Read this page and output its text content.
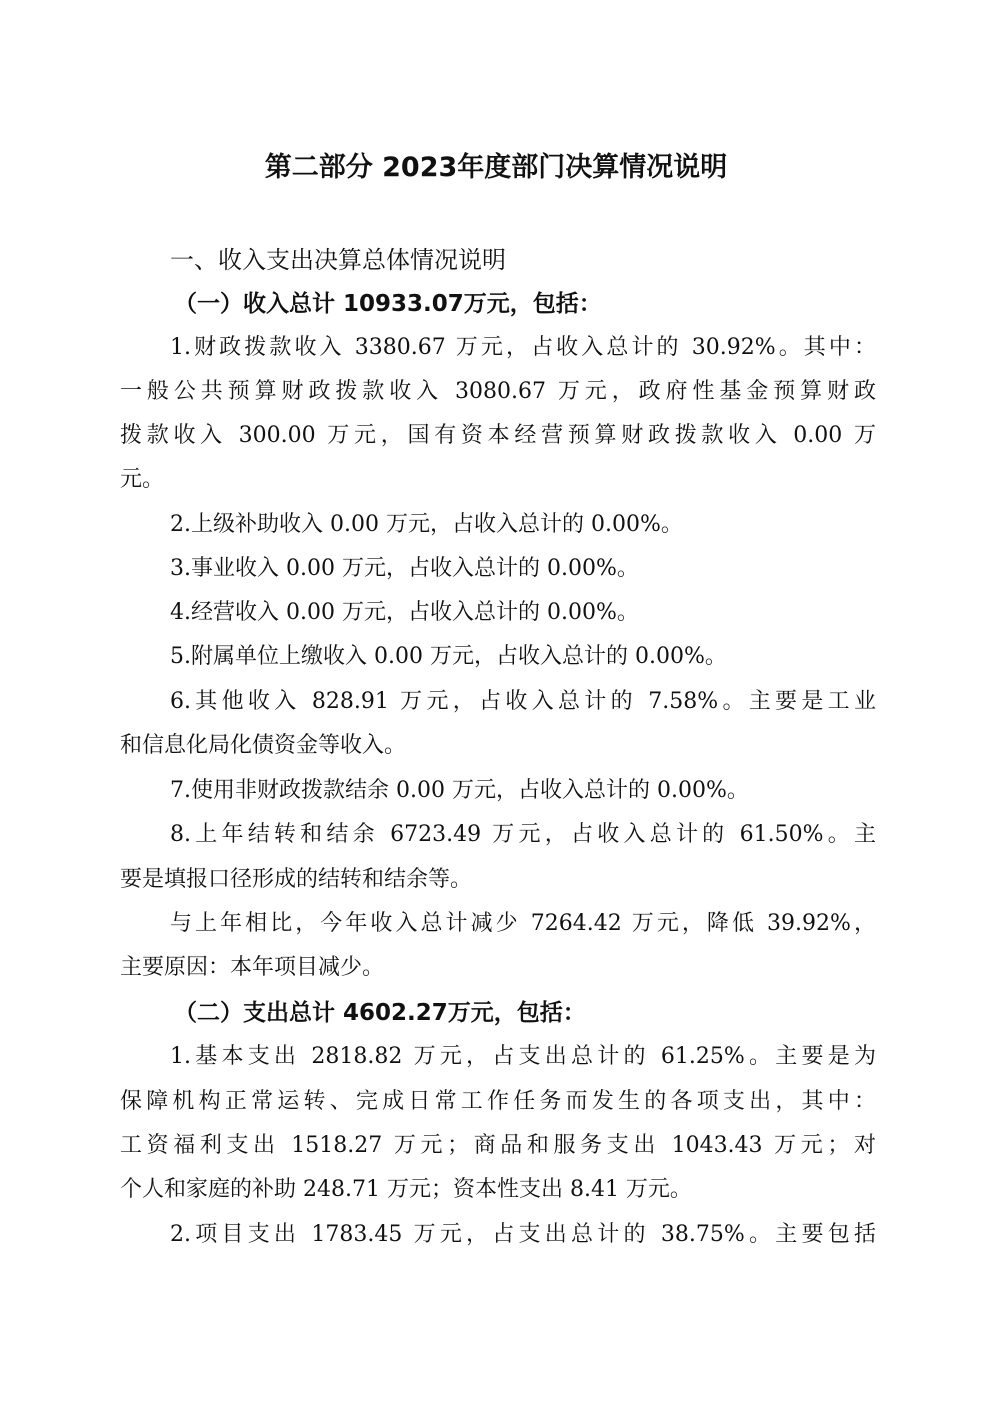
第二部分 2023年度部门决算情况说明
一、收入支出决算总体情况说明
（一）收入总计 10933.07万元，包括：
1.财政拨款收入 3380.67 万元，占收入总计的 30.92%。其中：
一般公共预算财政拨款收入 3080.67 万元，政府性基金预算财政
拨款收入 300.00 万元，国有资本经营预算财政拨款收入 0.00 万
元。
2.上级补助收入 0.00 万元，占收入总计的 0.00%。
3.事业收入 0.00 万元，占收入总计的 0.00%。
4.经营收入 0.00 万元，占收入总计的 0.00%。
5.附属单位上缴收入 0.00 万元，占收入总计的 0.00%。
6.其他收入 828.91 万元，占收入总计的 7.58%。主要是工业
和信息化局化债资金等收入。
7.使用非财政拨款结余 0.00 万元，占收入总计的 0.00%。
8.上年结转和结余 6723.49 万元，占收入总计的 61.50%。主
要是填报口径形成的结转和结余等。
与上年相比，今年收入总计减少 7264.42 万元，降低 39.92%，
主要原因：本年项目减少。
（二）支出总计 4602.27万元，包括：
1.基本支出 2818.82 万元，占支出总计的 61.25%。主要是为
保障机构正常运转、完成日常工作任务而发生的各项支出，其中：
工资福利支出 1518.27 万元；商品和服务支出 1043.43 万元；对
个人和家庭的补助 248.71 万元；资本性支出 8.41 万元。
2.项目支出 1783.45 万元，占支出总计的 38.75%。主要包括
